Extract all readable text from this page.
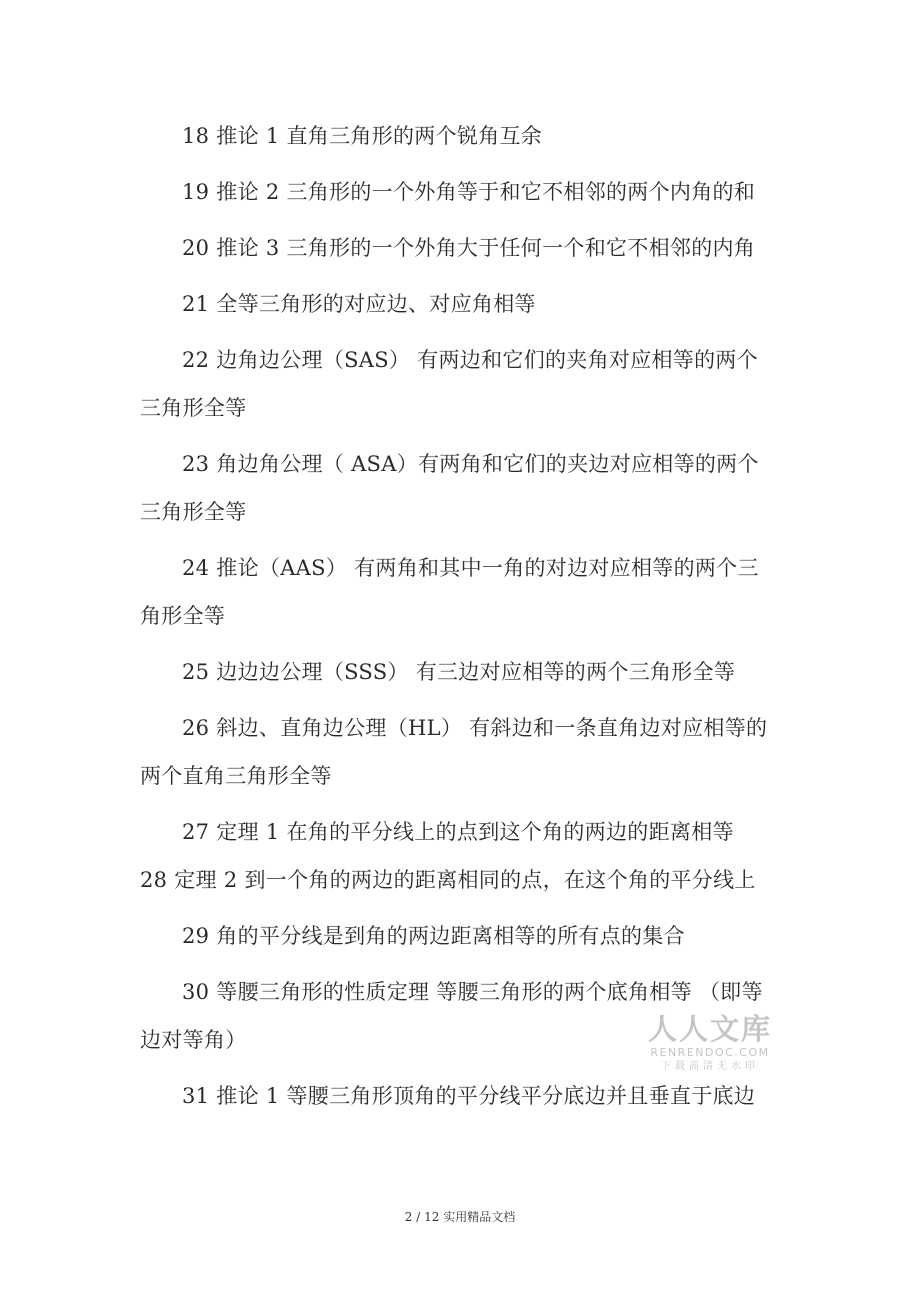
18 推论 1 直角三角形的两个锐角互余
19 推论 2 三角形的一个外角等于和它不相邻的两个内角的和
20 推论 3 三角形的一个外角大于任何一个和它不相邻的内角
21 全等三角形的对应边、对应角相等
22 边角边公理（SAS） 有两边和它们的夹角对应相等的两个
三角形全等
23 角边角公理（ ASA）有两角和它们的夹边对应相等的两个
三角形全等
24 推论（AAS） 有两角和其中一角的对边对应相等的两个三
角形全等
25 边边边公理（SSS） 有三边对应相等的两个三角形全等
26 斜边、直角边公理（HL） 有斜边和一条直角边对应相等的
两个直角三角形全等
27 定理 1 在角的平分线上的点到这个角的两边的距离相等
28 定理 2 到一个角的两边的距离相同的点，在这个角的平分线上
29 角的平分线是到角的两边距离相等的所有点的集合
30 等腰三角形的性质定理 等腰三角形的两个底角相等 （即等
边对等角）
31 推论 1 等腰三角形顶角的平分线平分底边并且垂直于底边
人人文库
RENRENDOC.COM
下载高清无水印
2 / 12 实用精品文档
